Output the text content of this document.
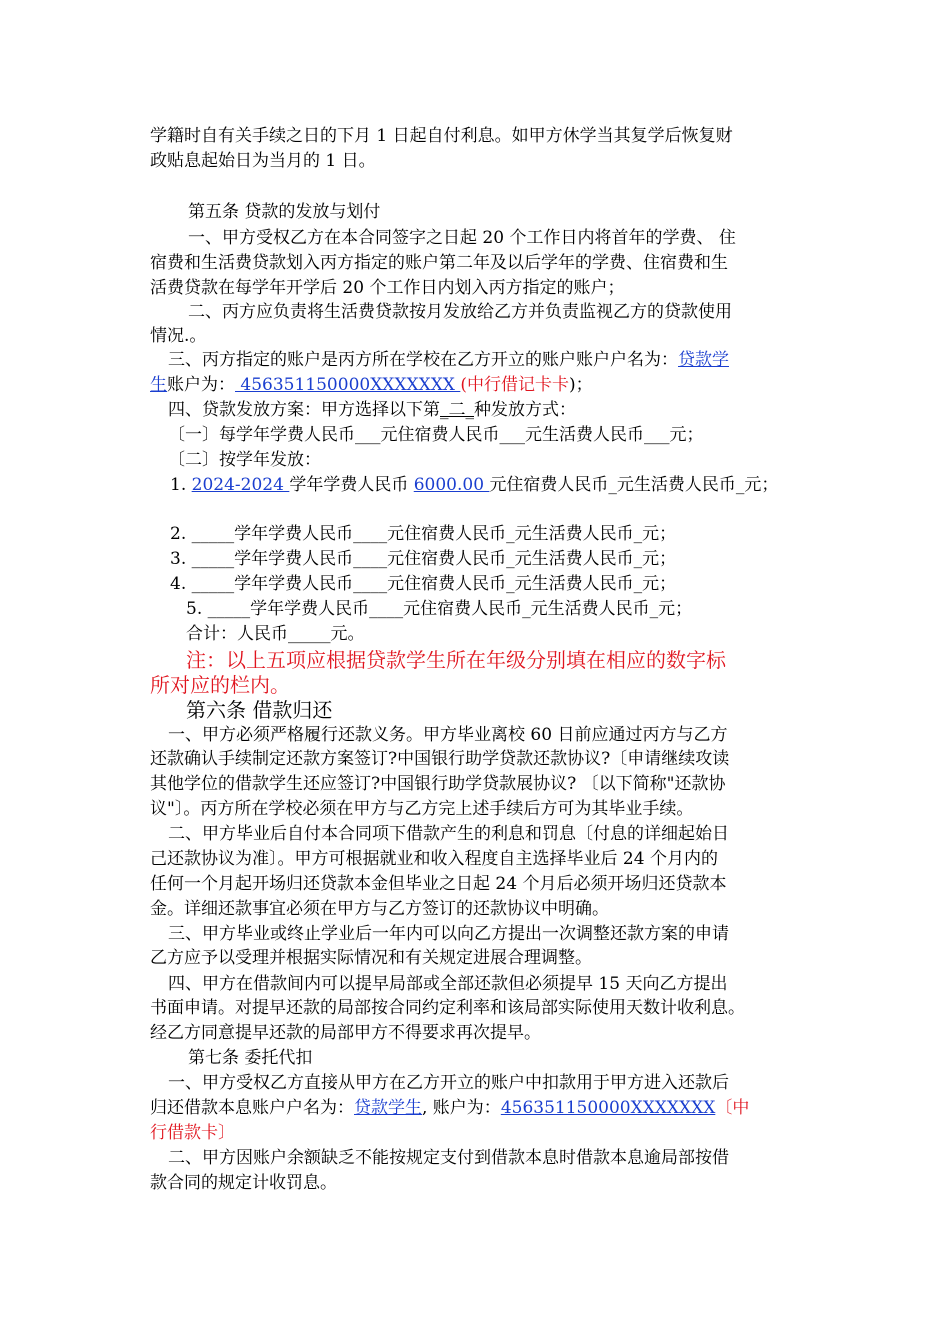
学籍时自有关手续之日的下月 1 日起自付利息。如甲方休学当其复学后恢复财
政贴息起始日为当月的 1 日。
第五条 贷款的发放与划付
一、甲方受权乙方在本合同签字之日起 20 个工作日内将首年的学费、 住
宿费和生活费贷款划入丙方指定的账户第二年及以后学年的学费、住宿费和生
活费贷款在每学年开学后 20 个工作日内划入丙方指定的账户；
二、丙方应负责将生活费贷款按月发放给乙方并负责监视乙方的贷款使用
情况.。
三、丙方指定的账户是丙方所在学校在乙方开立的账户账户户名为：贷款学
生账户为： 456351150000XXXXXXX (中行借记卡卡)；
四、贷款发放方案：甲方选择以下第_二_种发放方式：
〔一〕每学年学费人民币___元住宿费人民币___元生活费人民币___元；
〔二〕按学年发放：
1. 2024-2024 学年学费人民币 6000.00 元住宿费人民币_元生活费人民币_元；
2. _____学年学费人民币____元住宿费人民币_元生活费人民币_元；
3. _____学年学费人民币____元住宿费人民币_元生活费人民币_元；
4. _____学年学费人民币____元住宿费人民币_元生活费人民币_元；
5. _____学年学费人民币____元住宿费人民币_元生活费人民币_元；
合计：人民币_____元。
注：以上五项应根据贷款学生所在年级分别填在相应的数字标
所对应的栏内。
第六条 借款归还
一、甲方必须严格履行还款义务。甲方毕业离校 60 日前应通过丙方与乙方
还款确认手续制定还款方案签订?中国银行助学贷款还款协议?〔申请继续攻读
其他学位的借款学生还应签订?中国银行助学贷款展协议? 〔以下简称"还款协
议"〕。丙方所在学校必须在甲方与乙方完上述手续后方可为其毕业手续。
二、甲方毕业后自付本合同项下借款产生的利息和罚息〔付息的详细起始日
己还款协议为准〕。甲方可根据就业和收入程度自主选择毕业后 24 个月内的
任何一个月起开场归还贷款本金但毕业之日起 24 个月后必须开场归还贷款本
金。详细还款事宜必须在甲方与乙方签订的还款协议中明确。
三、甲方毕业或终止学业后一年内可以向乙方提出一次调整还款方案的申请
乙方应予以受理并根据实际情况和有关规定进展合理调整。
四、甲方在借款间内可以提早局部或全部还款但必须提早 15 天向乙方提出
书面申请。对提早还款的局部按合同约定利率和该局部实际使用天数计收利息。
经乙方同意提早还款的局部甲方不得要求再次提早。
第七条 委托代扣
一、甲方受权乙方直接从甲方在乙方开立的账户中扣款用于甲方进入还款后
归还借款本息账户户名为：贷款学生, 账户为：456351150000XXXXXXX〔中
行借款卡〕
二、甲方因账户余额缺乏不能按规定支付到借款本息时借款本息逾局部按借
款合同的规定计收罚息。
